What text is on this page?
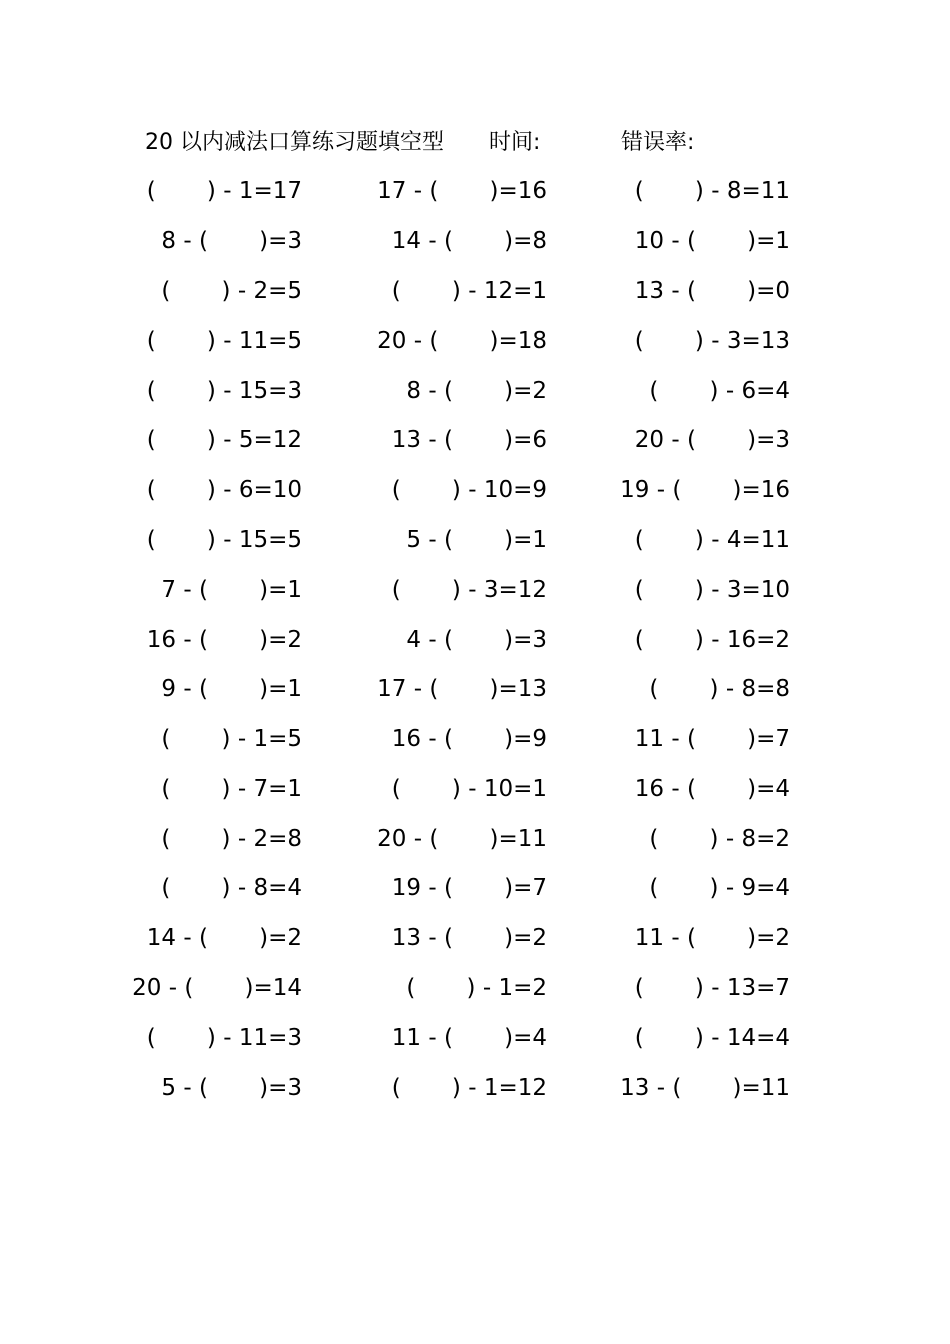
20 以内减法口算练习题填空型 时间:	错误率:
(       ) - 1=17	17 - (       )=16	(       ) - 8=11
8 - (       )=3	14 - (       )=8	10 - (       )=1
(       ) - 2=5	(       ) - 12=1	13 - (       )=0
(       ) - 11=5	20 - (       )=18	(       ) - 3=13
(       ) - 15=3	8 - (       )=2	(       ) - 6=4
(       ) - 5=12	13 - (       )=6	20 - (       )=3
(       ) - 6=10	(       ) - 10=9	19 - (       )=16
(       ) - 15=5	5 - (       )=1	(       ) - 4=11
7 - (       )=1	(       ) - 3=12	(       ) - 3=10
16 - (       )=2	4 - (       )=3	(       ) - 16=2
9 - (       )=1	17 - (       )=13	(       ) - 8=8
(       ) - 1=5	16 - (       )=9	11 - (       )=7
(       ) - 7=1	(       ) - 10=1	16 - (       )=4
(       ) - 2=8	20 - (       )=11	(       ) - 8=2
(       ) - 8=4	19 - (       )=7	(       ) - 9=4
14 - (       )=2	13 - (       )=2	11 - (       )=2
20 - (       )=14	(       ) - 1=2	(       ) - 13=7
(       ) - 11=3	11 - (       )=4	(       ) - 14=4
5 - (       )=3	(       ) - 1=12	13 - (       )=11
